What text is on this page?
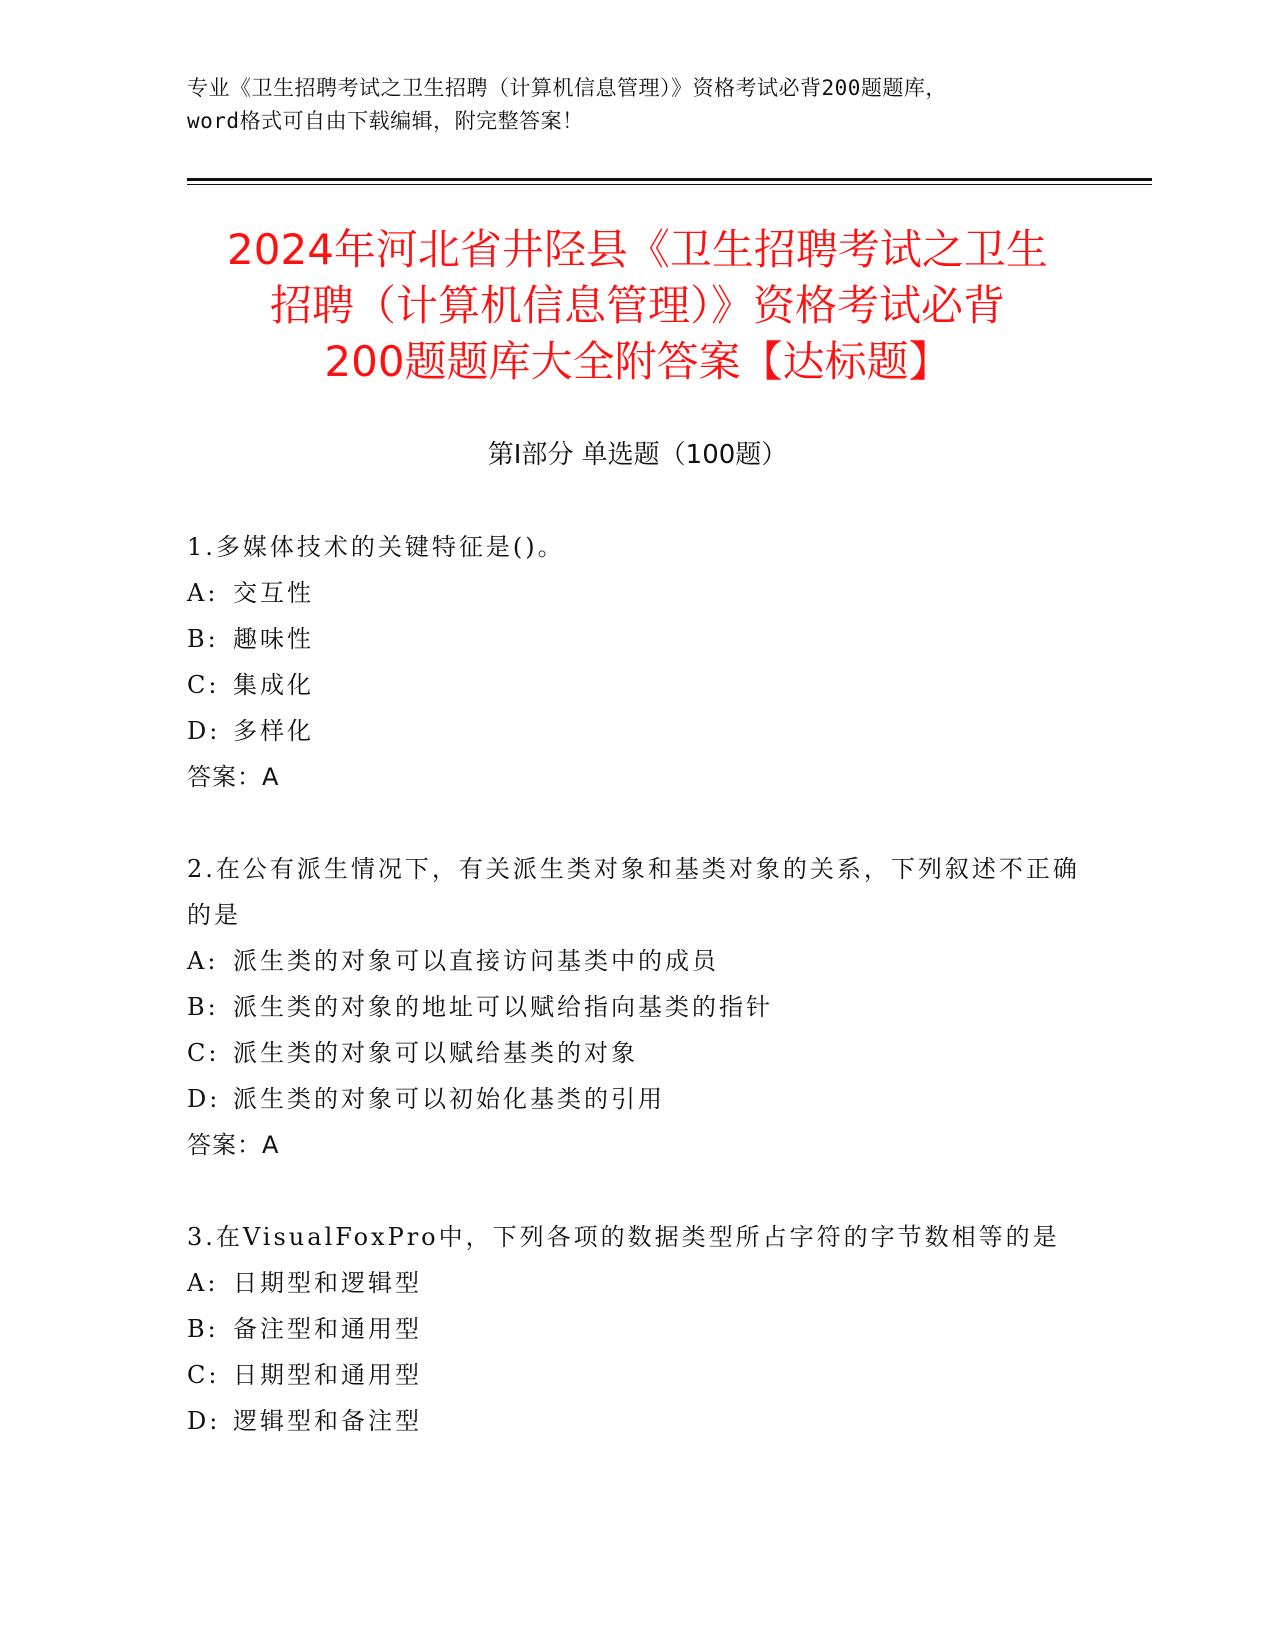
专业《卫生招聘考试之卫生招聘（计算机信息管理）》资格考试必背200题题库，
word格式可自由下载编辑，附完整答案！
2024年河北省井陉县《卫生招聘考试之卫生
招聘（计算机信息管理）》资格考试必背
200题题库大全附答案【达标题】
第Ⅰ部分 单选题（100题）
1.多媒体技术的关键特征是()。
A: 交互性
B: 趣味性
C: 集成化
D: 多样化
答案：A
2.在公有派生情况下，有关派生类对象和基类对象的关系，下列叙述不正确的是
A: 派生类的对象可以直接访问基类中的成员
B: 派生类的对象的地址可以赋给指向基类的指针
C: 派生类的对象可以赋给基类的对象
D: 派生类的对象可以初始化基类的引用
答案：A
3.在VisualFoxPro中，下列各项的数据类型所占字符的字节数相等的是
A: 日期型和逻辑型
B: 备注型和通用型
C: 日期型和通用型
D: 逻辑型和备注型
